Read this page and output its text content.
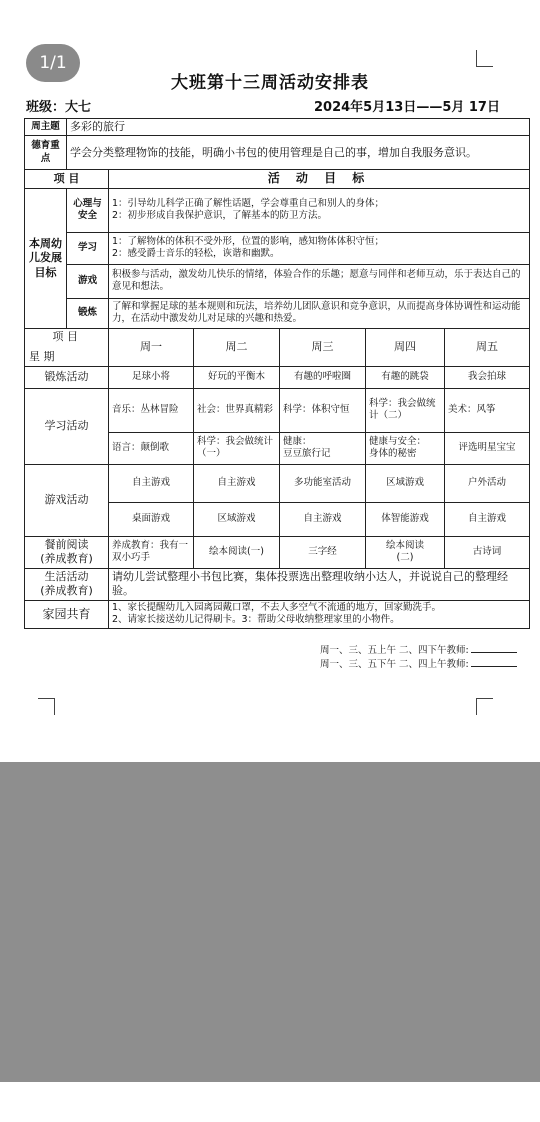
大班第十三周活动安排表
班级：大七	2024年5月13日——5月 17日
周主题	多彩的旅行					
德育重点	学会分类整理物饰的技能，明确小书包的使用管理是自己的事，增加自我服务意识。					
项 目		活 动 目 标				
本周幼儿发展目标	心理与安全	1：引导幼儿科学正确了解性话题，学会尊重自己和别人的身体；
2：初步形成自我保护意识，了解基本的防卫方法。				
	学习	1：了解物体的体积不受外形，位置的影响，感知物体体积守恒；
2：感受爵士音乐的轻松，诙谐和幽默。				
	游戏	积极参与活动，激发幼儿快乐的情绪，体验合作的乐趣；愿意与同伴和老师互动，乐于表达自己的意见和想法。				
	锻炼	了解和掌握足球的基本规则和玩法，培养幼儿团队意识和竞争意识，从而提高身体协调性和运动能力，在活动中激发幼儿对足球的兴趣和热爱。				

项 目
星 期		周一	周二	周三	周四	周五
锻炼活动		足球小将	好玩的平衡木	有趣的呼啦圈	有趣的跳袋	我会拍球
学习活动		音乐：丛林冒险	社会：世界真精彩	科学：体积守恒	科学：我会做统计（二）	美术：风筝
		语言：颠倒歌	科学：我会做统计（一）	健康：
豆豆旅行记	健康与安全：
身体的秘密	评选明星宝宝
游戏活动		自主游戏	自主游戏	多功能室活动	区域游戏	户外活动
		桌面游戏	区域游戏	自主游戏	体智能游戏	自主游戏
餐前阅读
(养成教育)		养成教育：我有一双小巧手	绘本阅读(一)	三字经	绘本阅读
(二)	古诗词
生活活动
(养成教育)		请幼儿尝试整理小书包比赛，集体投票选出整理收纳小达人，并说说自己的整理经验。				
家园共育		1、家长提醒幼儿入园离园戴口罩，不去人多空气不流通的地方，回家勤洗手。
2、请家长接送幼儿记得刷卡。3：帮助父母收纳整理家里的小物件。				
周一、三、五上午 二、四下午教师:
周一、三、五下午 二、四上午教师:
1/1
